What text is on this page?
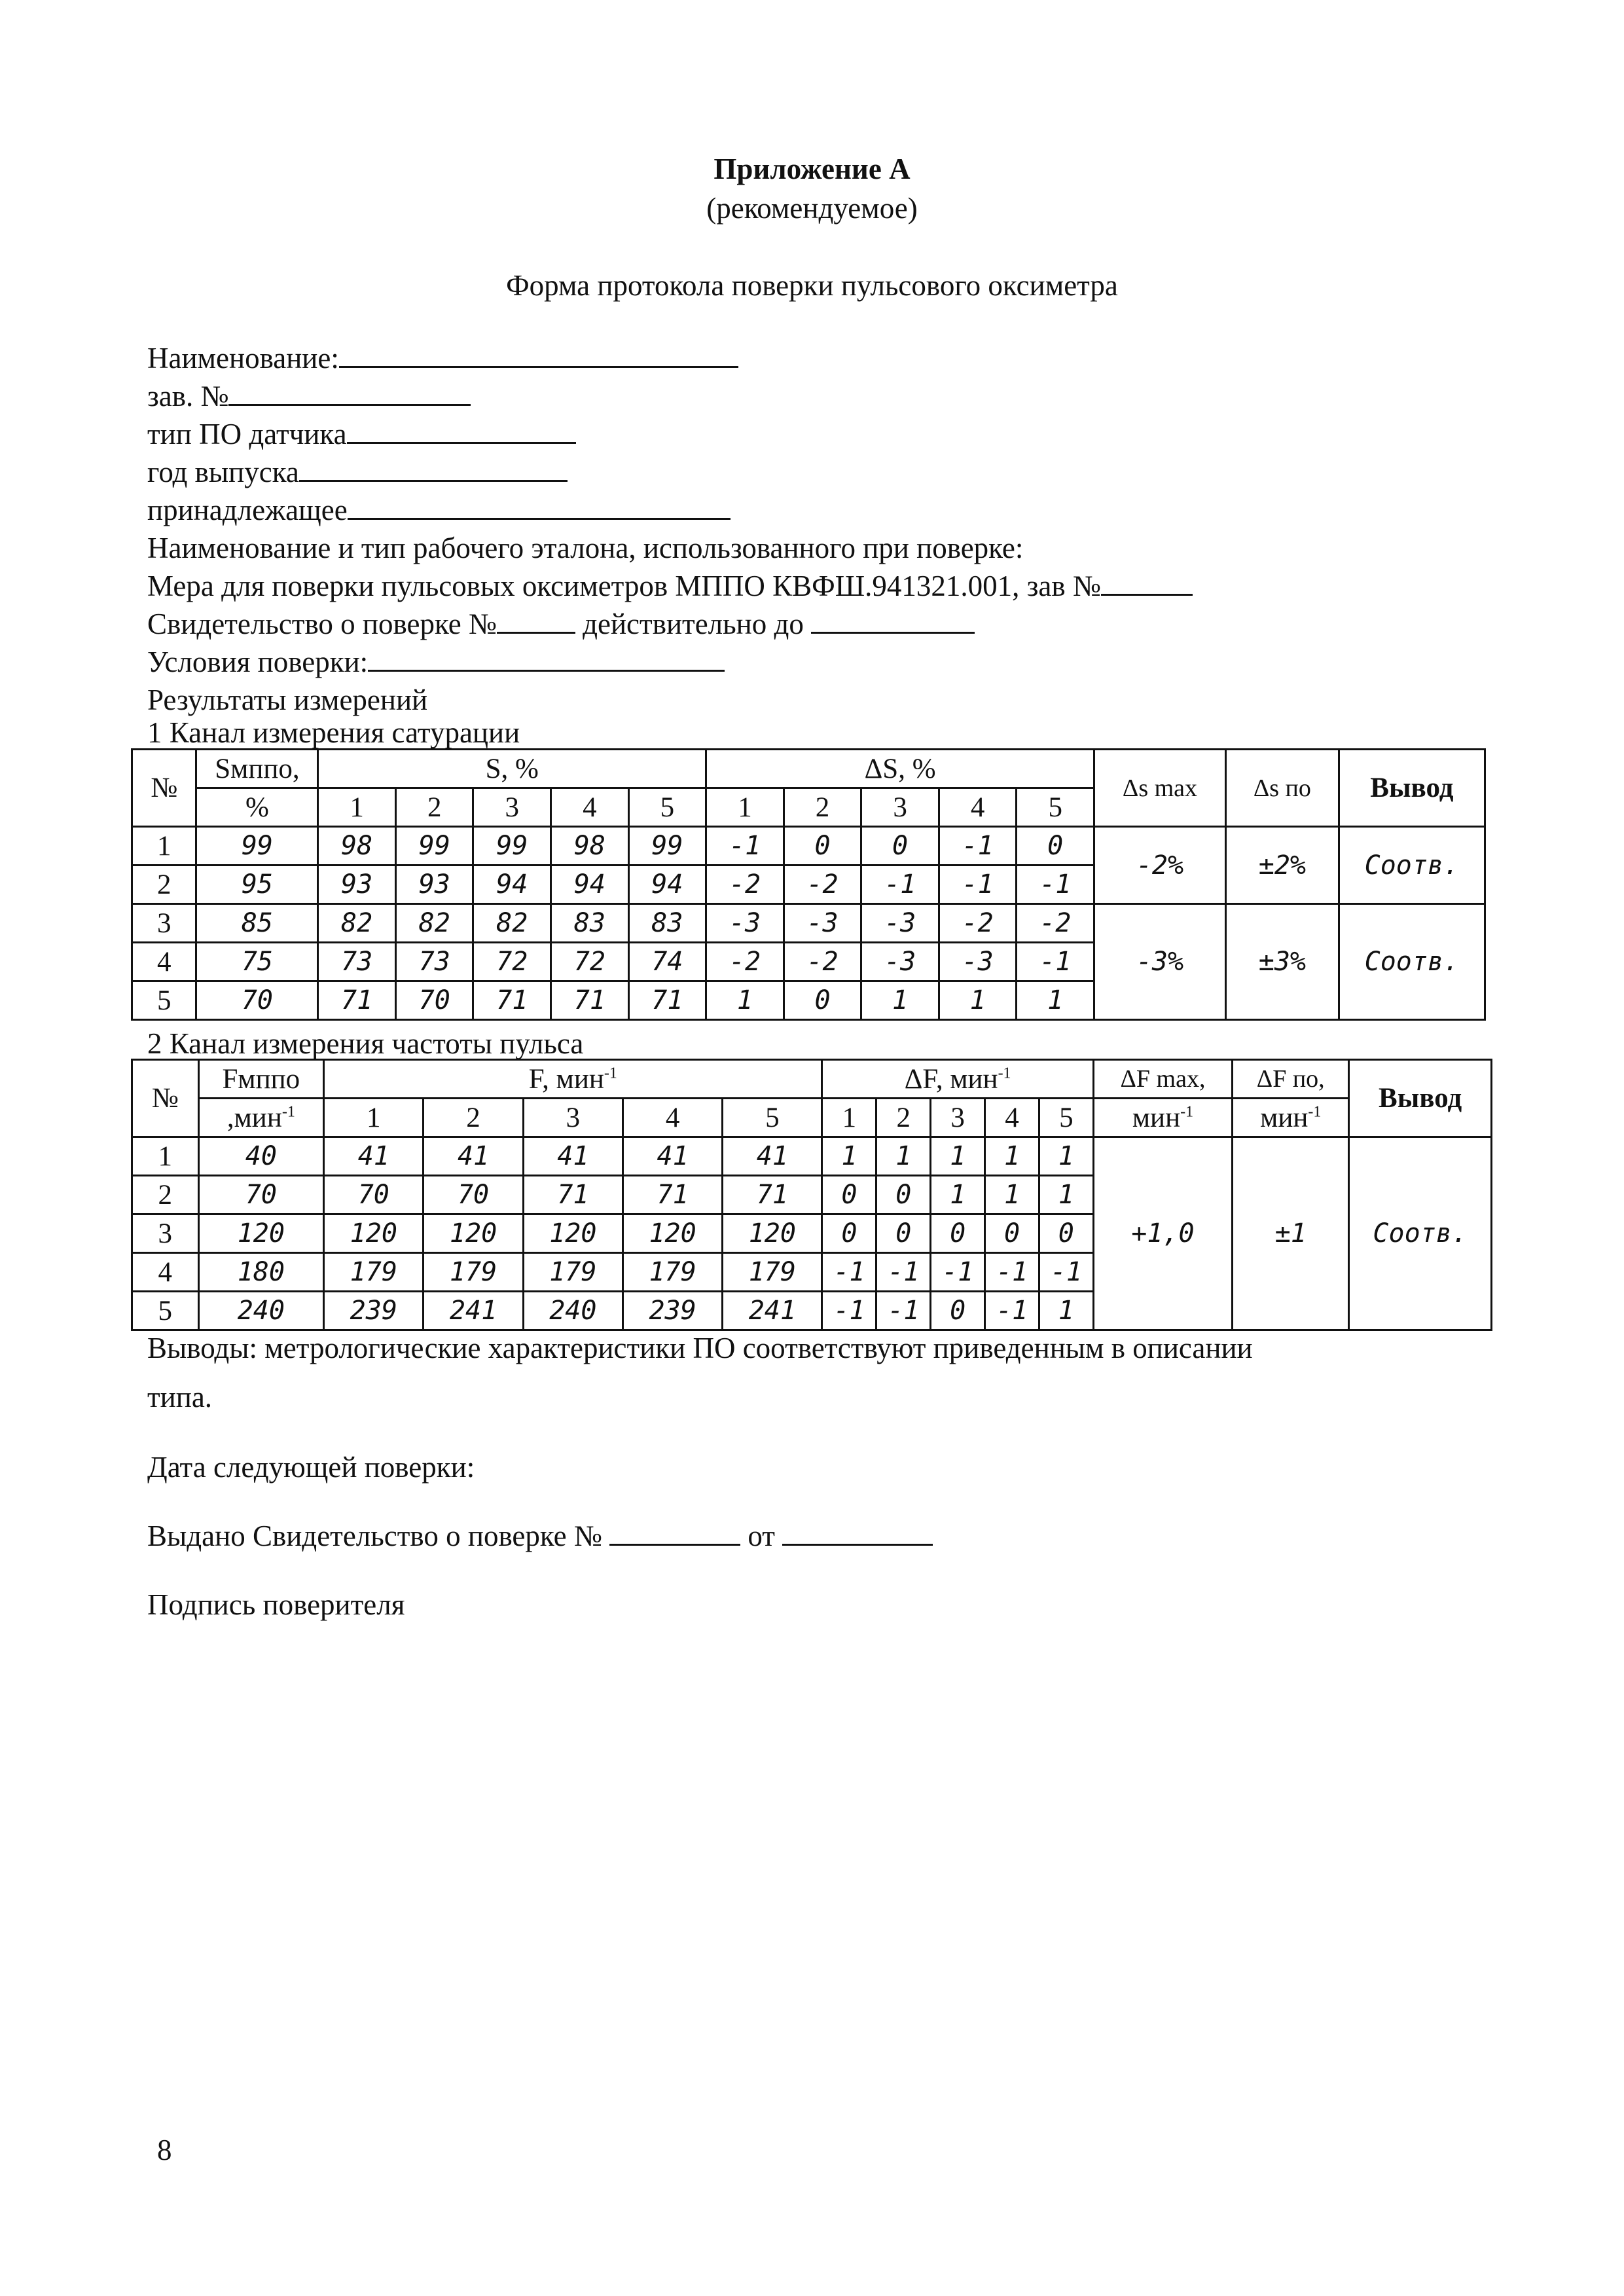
Приложение А
(рекомендуемое)
Форма протокола поверки пульсового оксиметра
Наименование:
зав. №
тип ПО датчика
год выпуска
принадлежащее
Наименование и тип рабочего эталона, использованного при поверке:
Мера для поверки пульсовых оксиметров МППО КВФШ.941321.001, зав №
Свидетельство о поверке №	действительно до
Условия поверки:
Результаты измерений
1 Канал измерения сатурации
№	Sмппо,	S, %					ΔS, %					Δs max	Δs по	Вывод
	%	1	2	3	4	5	1	2	3	4	5			
1	99	98	99	99	98	99	-1	0	0	-1	0	-2%	±2%	Соотв.
2	95	93	93	94	94	94	-2	-2	-1	-1	-1			
3	85	82	82	82	83	83	-3	-3	-3	-2	-2	-3%	±3%	Соотв.
4	75	73	73	72	72	74	-2	-2	-3	-3	-1			
5	70	71	70	71	71	71	1	0	1	1	1			
2 Канал измерения частоты пульса
№	Fмппо	F, мин$^{-1}$					ΔF, мин$^{-1}$					ΔF max,	ΔF по,	Вывод
	,мин$^{-1}$	1	2	3	4	5	1	2	3	4	5	мин$^{-1}$	мин$^{-1}$
1	40	41	41	41	41	41	1	1	1	1	1	+1,0	±1	Соотв.
2	70	70	70	71	71	71	0	0	1	1	1			
3	120	120	120	120	120	120	0	0	0	0	0			
4	180	179	179	179	179	179	-1	-1	-1	-1	-1			
5	240	239	241	240	239	241	-1	-1	0	-1	1			
Выводы: метрологические характеристики ПО соответствуют приведенным в описании
типа.
Дата следующей поверки:
Выдано Свидетельство о поверке №	от
Подпись поверителя
8
